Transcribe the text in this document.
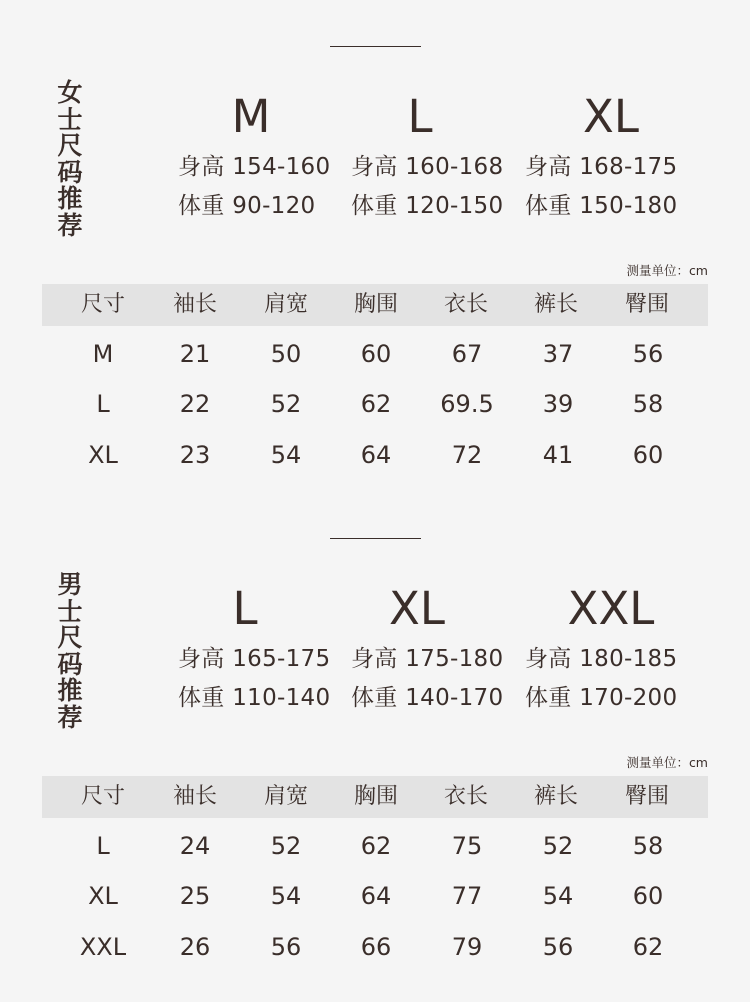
女士尺码推荐
M
身高 154-160
体重 90-120
L
身高 160-168
体重 120-150
XL
身高 168-175
体重 150-180
测量单位：cm
尺寸	袖长	肩宽	胸围	衣长	裤长	臀围
M	21	50	60	67	37	56
L	22	52	62	69.5	39	58
XL	23	54	64	72	41	60
男士尺码推荐
L
身高 165-175
体重 110-140
XL
身高 175-180
体重 140-170
XXL
身高 180-185
体重 170-200
测量单位：cm
尺寸	袖长	肩宽	胸围	衣长	裤长	臀围
L	24	52	62	75	52	58
XL	25	54	64	77	54	60
XXL	26	56	66	79	56	62
